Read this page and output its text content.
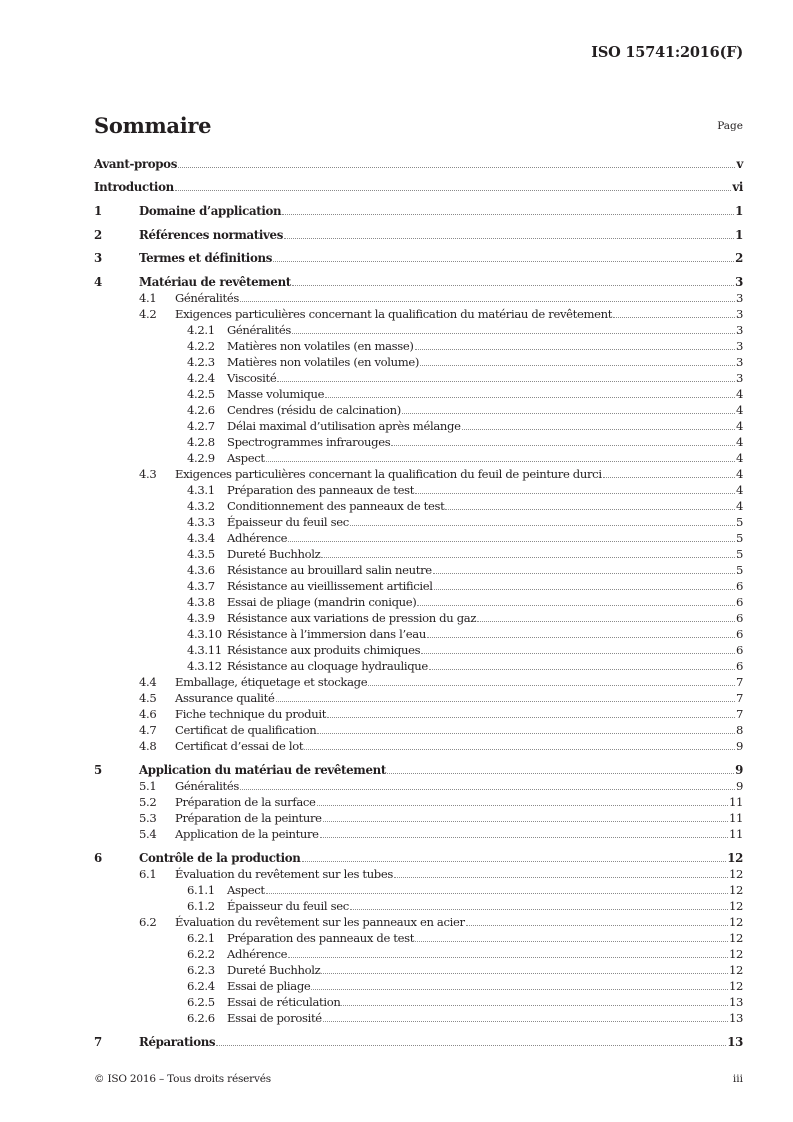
ISO 15741:2016(F)
Sommaire	Page
Avant-propos	v
Introduction	vi
1	Domaine d’application	1
2	Références normatives	1
3	Termes et définitions	2
4	Matériau de revêtement	3
4.1	Généralités	3
4.2	Exigences particulières concernant la qualification du matériau de revêtement	3
4.2.1	Généralités	3
4.2.2	Matières non volatiles (en masse)	3
4.2.3	Matières non volatiles (en volume)	3
4.2.4	Viscosité	3
4.2.5	Masse volumique	4
4.2.6	Cendres (résidu de calcination)	4
4.2.7	Délai maximal d’utilisation après mélange	4
4.2.8	Spectrogrammes infrarouges	4
4.2.9	Aspect	4
4.3	Exigences particulières concernant la qualification du feuil de peinture durci	4
4.3.1	Préparation des panneaux de test	4
4.3.2	Conditionnement des panneaux de test	4
4.3.3	Épaisseur du feuil sec	5
4.3.4	Adhérence	5
4.3.5	Dureté Buchholz	5
4.3.6	Résistance au brouillard salin neutre	5
4.3.7	Résistance au vieillissement artificiel	6
4.3.8	Essai de pliage (mandrin conique)	6
4.3.9	Résistance aux variations de pression du gaz	6
4.3.10 Résistance à l’immersion dans l’eau	6
4.3.11 Résistance aux produits chimiques	6
4.3.12 Résistance au cloquage hydraulique	6
4.4	Emballage, étiquetage et stockage	7
4.5	Assurance qualité	7
4.6	Fiche technique du produit	7
4.7	Certificat de qualification	8
4.8	Certificat d’essai de lot	9
5	Application du matériau de revêtement	9
5.1	Généralités	9
5.2	Préparation de la surface	11
5.3	Préparation de la peinture	11
5.4	Application de la peinture	11
6	Contrôle de la production	12
6.1	Évaluation du revêtement sur les tubes	12
6.1.1	Aspect	12
6.1.2	Épaisseur du feuil sec	12
6.2	Évaluation du revêtement sur les panneaux en acier	12
6.2.1	Préparation des panneaux de test	12
6.2.2	Adhérence	12
6.2.3	Dureté Buchholz	12
6.2.4	Essai de pliage	12
6.2.5	Essai de réticulation	13
6.2.6	Essai de porosité	13
7	Réparations	13
© ISO 2016 – Tous droits réservés	iii
